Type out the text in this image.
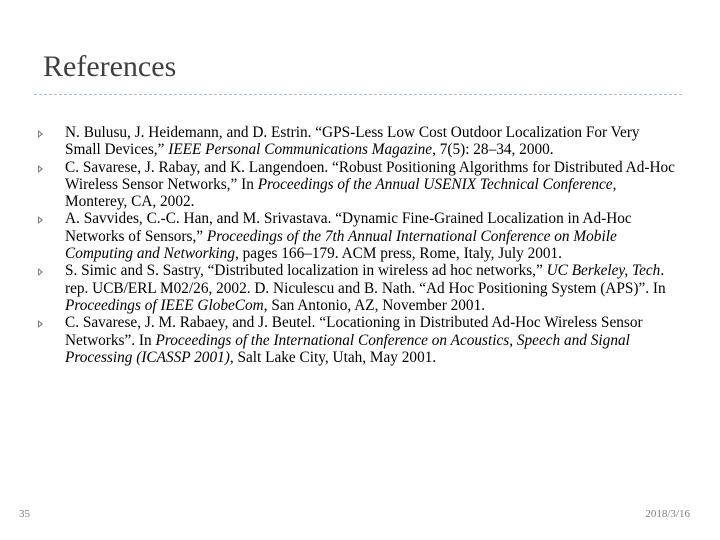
References
N. Bulusu, J. Heidemann, and D. Estrin. “GPS-Less Low Cost Outdoor Localization For Very Small Devices,” IEEE Personal Communications Magazine, 7(5): 28–34, 2000.
C. Savarese, J. Rabay, and K. Langendoen. “Robust Positioning Algorithms for Distributed Ad-Hoc Wireless Sensor Networks,” In Proceedings of the Annual USENIX Technical Conference, Monterey, CA, 2002.
A. Savvides, C.-C. Han, and M. Srivastava. “Dynamic Fine-Grained Localization in Ad-Hoc Networks of Sensors,” Proceedings of the 7th Annual International Conference on Mobile Computing and Networking, pages 166–179. ACM press, Rome, Italy, July 2001.
S. Simic and S. Sastry, “Distributed localization in wireless ad hoc networks,” UC Berkeley, Tech. rep. UCB/ERL M02/26, 2002. D. Niculescu and B. Nath. “Ad Hoc Positioning System (APS)”. In Proceedings of IEEE GlobeCom, San Antonio, AZ, November 2001.
C. Savarese, J. M. Rabaey, and J. Beutel. “Locationing in Distributed Ad-Hoc Wireless Sensor Networks”. In Proceedings of the International Conference on Acoustics, Speech and Signal Processing (ICASSP 2001), Salt Lake City, Utah, May 2001.
35	2018/3/16
